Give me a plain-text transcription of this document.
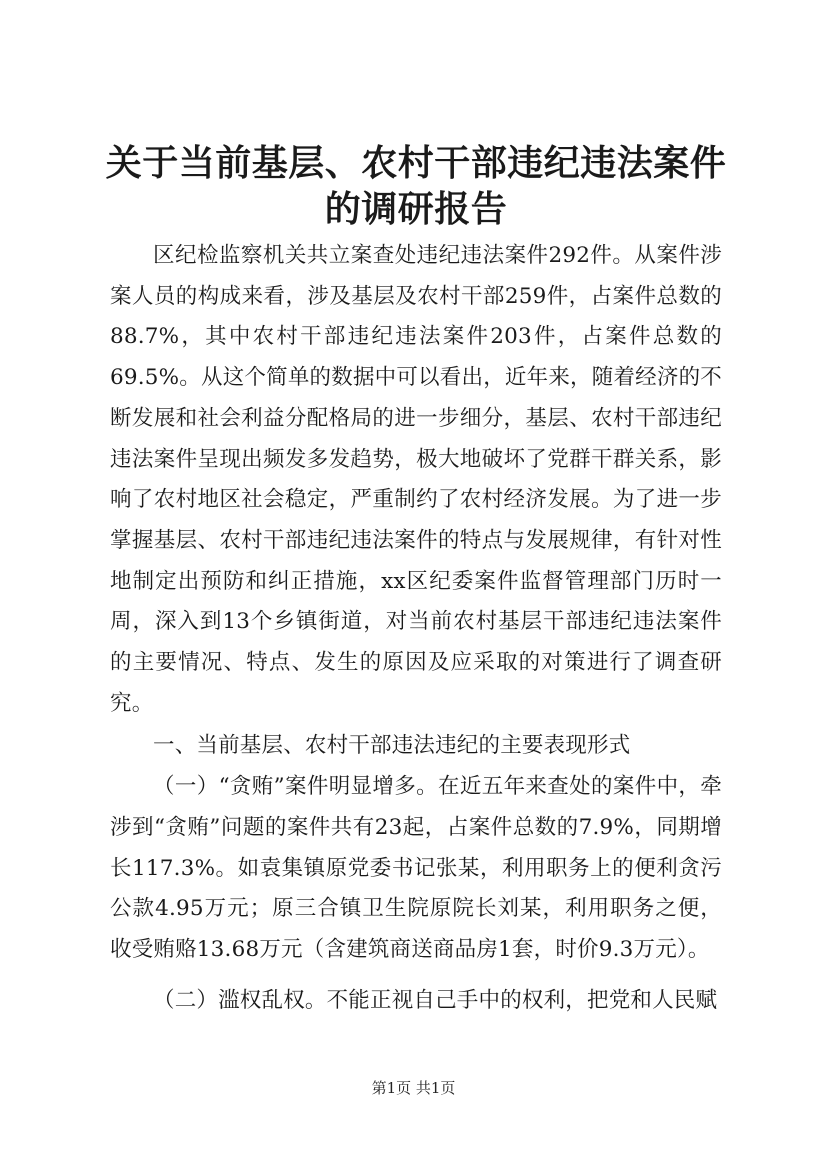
关于当前基层、农村干部违纪违法案件的调研报告

区纪检监察机关共立案查处违纪违法案件292件。从案件涉案人员的构成来看，涉及基层及农村干部259件，占案件总数的88.7%，其中农村干部违纪违法案件203件，占案件总数的69.5%。从这个简单的数据中可以看出，近年来，随着经济的不断发展和社会利益分配格局的进一步细分，基层、农村干部违纪违法案件呈现出频发多发趋势，极大地破坏了党群干群关系，影响了农村地区社会稳定，严重制约了农村经济发展。为了进一步掌握基层、农村干部违纪违法案件的特点与发展规律，有针对性地制定出预防和纠正措施，xx区纪委案件监督管理部门历时一周，深入到13个乡镇街道，对当前农村基层干部违纪违法案件的主要情况、特点、发生的原因及应采取的对策进行了调查研究。

一、当前基层、农村干部违法违纪的主要表现形式

（一）“贪贿”案件明显增多。在近五年来查处的案件中，牵涉到“贪贿”问题的案件共有23起，占案件总数的7.9%，同期增长117.3%。如袁集镇原党委书记张某，利用职务上的便利贪污公款4.95万元；原三合镇卫生院原院长刘某，利用职务之便，收受贿赂13.68万元（含建筑商送商品房1套，时价9.3万元）。

（二）滥权乱权。不能正视自己手中的权利，把党和人民赋

第1页 共1页
